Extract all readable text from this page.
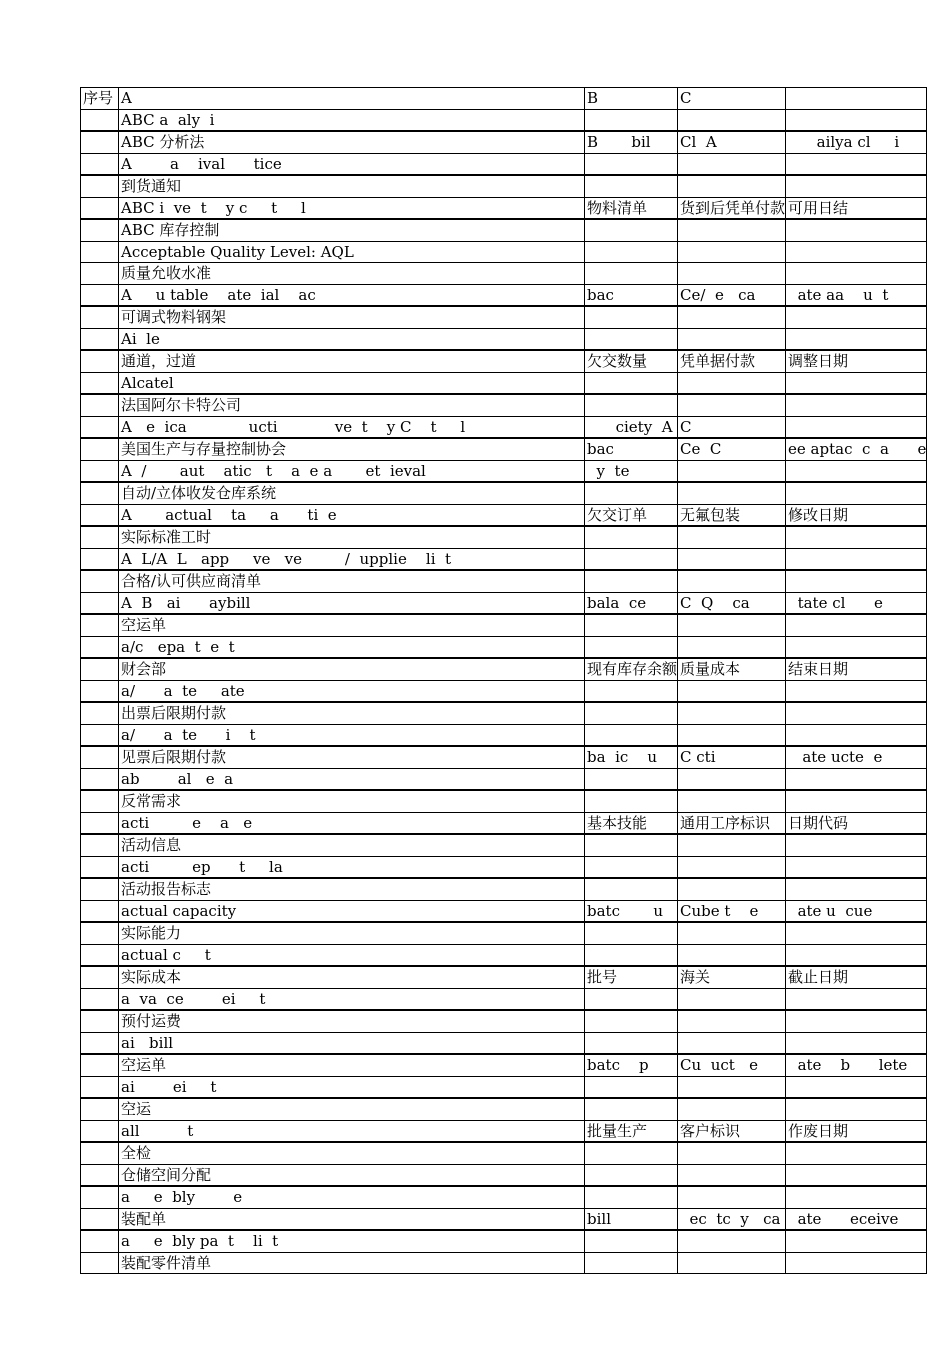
序号	A	B	C	
	ABC a  aly  i			
	ABC 分析法	B       bil	Cl  A	ailya cl     i
	A        a    ival      tice			
	到货通知			
	ABC i  ve  t    y c     t     l	物料清单	货到后凭单付款	可用日结
	ABC 库存控制			
	Acceptable Quality Level: AQL			
	质量允收水准			
	A     u table    ate  ial    ac	bac	Ce/  e   ca	ate aa    u  t
	可调式物料钢架			
	Ai  le			
	通道，过道	欠交数量	凭单据付款	调整日期
	Alcatel			
	法国阿尔卡特公司			
	A   e  ica             ucti            ve  t    y C    t     l	ciety  A	C	
	美国生产与存量控制协会	bac	Ce  C	ee aptac  c  a      e
	A  /       aut    atic   t    a  e a       et  ieval	y  te		
	自动/立体收发仓库系统			
	A       actual    ta     a      ti  e	欠交订单	无氟包装	修改日期
	实际标准工时			
	A  L/A  L   app     ve   ve         /  upplie    li  t			
	合格/认可供应商清单			
	A  B   ai      aybill	bala  ce	C  Q    ca	tate cl      e
	空运单			
	a/c   epa  t  e  t			
	财会部	现有库存余额	质量成本	结束日期
	a/      a  te     ate			
	出票后限期付款			
	a/      a  te      i    t			
	见票后限期付款	ba  ic    u	C cti	ate ucte  e
	ab        al   e  a			
	反常需求			
	acti         e    a   e	基本技能	通用工序标识	日期代码
	活动信息			
	acti         ep      t     la			
	活动报告标志			
	actual capacity	batc       u	Cube t    e	ate u  cue
	实际能力			
	actual c     t			
	实际成本	批号	海关	截止日期
	a  va  ce        ei     t			
	预付运费			
	ai   bill			
	空运单	batc    p	Cu  uct   e	ate    b      lete
	ai        ei     t			
	空运			
	all          t	批量生产	客户标识	作废日期
	全检			
	仓储空间分配			
	a     e  bly        e			
	装配单	bill	ec  tc  y   ca	ate      eceive
	a     e  bly pa  t    li  t			
	装配零件清单			
